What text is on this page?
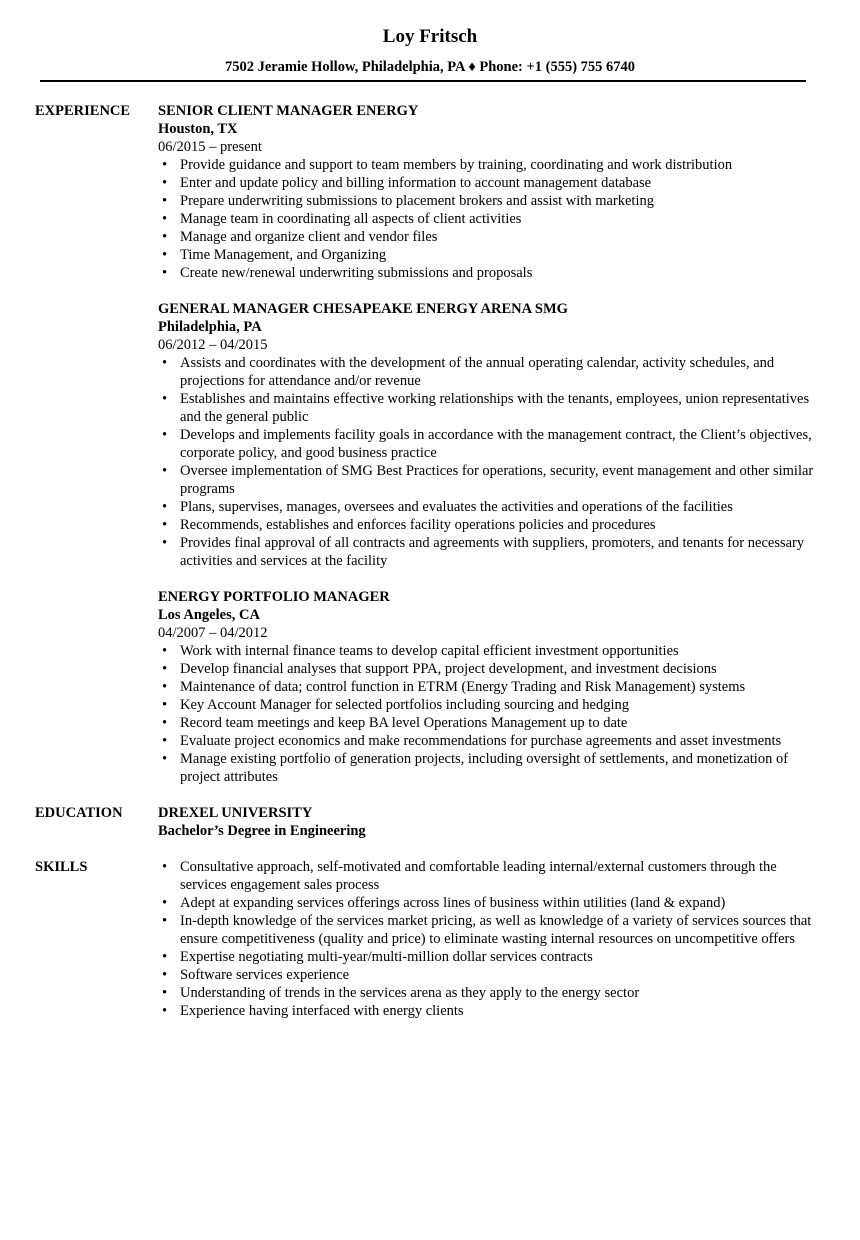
Loy Fritsch
7502 Jeramie Hollow, Philadelphia, PA ♦ Phone: +1 (555) 755 6740
EXPERIENCE	SENIOR CLIENT MANAGER ENERGY
Houston, TX
06/2015 – present
• Provide guidance and support to team members by training, coordinating and work distribution
• Enter and update policy and billing information to account management database
• Prepare underwriting submissions to placement brokers and assist with marketing
• Manage team in coordinating all aspects of client activities
• Manage and organize client and vendor files
• Time Management, and Organizing
• Create new/renewal underwriting submissions and proposals
GENERAL MANAGER CHESAPEAKE ENERGY ARENA SMG
Philadelphia, PA
06/2012 – 04/2015
• Assists and coordinates with the development of the annual operating calendar, activity schedules, and projections for attendance and/or revenue
• Establishes and maintains effective working relationships with the tenants, employees, union representatives and the general public
• Develops and implements facility goals in accordance with the management contract, the Client’s objectives, corporate policy, and good business practice
• Oversee implementation of SMG Best Practices for operations, security, event management and other similar programs
• Plans, supervises, manages, oversees and evaluates the activities and operations of the facilities
• Recommends, establishes and enforces facility operations policies and procedures
• Provides final approval of all contracts and agreements with suppliers, promoters, and tenants for necessary activities and services at the facility
ENERGY PORTFOLIO MANAGER
Los Angeles, CA
04/2007 – 04/2012
• Work with internal finance teams to develop capital efficient investment opportunities
• Develop financial analyses that support PPA, project development, and investment decisions
• Maintenance of data; control function in ETRM (Energy Trading and Risk Management) systems
• Key Account Manager for selected portfolios including sourcing and hedging
• Record team meetings and keep BA level Operations Management up to date
• Evaluate project economics and make recommendations for purchase agreements and asset investments
• Manage existing portfolio of generation projects, including oversight of settlements, and monetization of project attributes
EDUCATION	DREXEL UNIVERSITY
Bachelor’s Degree in Engineering
SKILLS
•	Consultative approach, self-motivated and comfortable leading internal/external customers through the services engagement sales process
• Adept at expanding services offerings across lines of business within utilities (land & expand)
• In-depth knowledge of the services market pricing, as well as knowledge of a variety of services sources that ensure competitiveness (quality and price) to eliminate wasting internal resources on uncompetitive offers
• Expertise negotiating multi-year/multi-million dollar services contracts
• Software services experience
• Understanding of trends in the services arena as they apply to the energy sector
• Experience having interfaced with energy clients
